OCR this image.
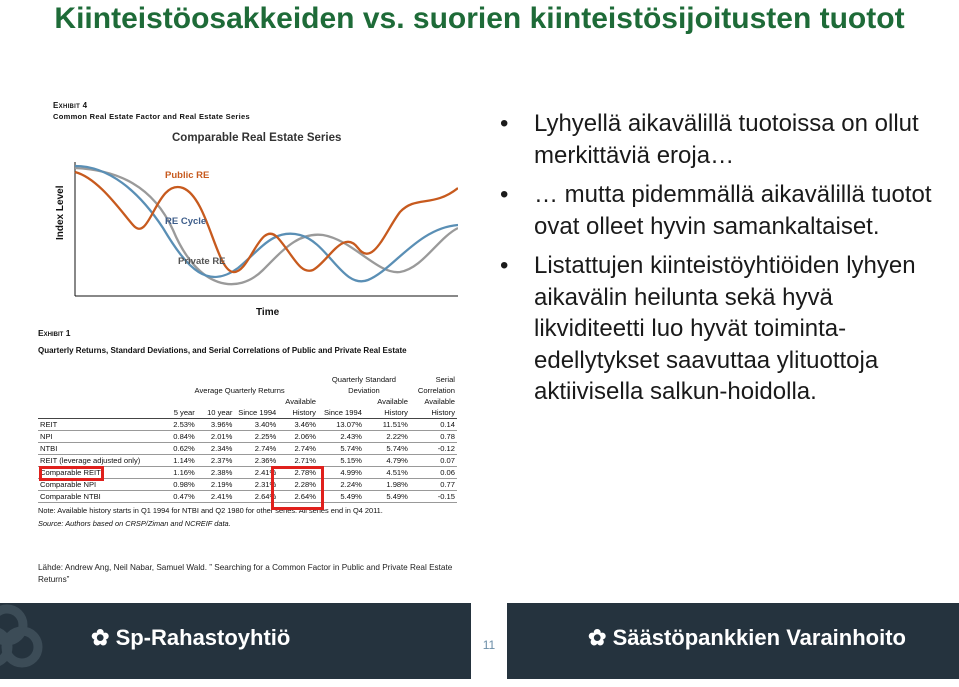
Kiinteistöosakkeiden vs. suorien kiinteistösijoitusten tuotot
Exhibit 4
Common Real Estate Factor and Real Estate Series
Comparable Real Estate Series
Index Level
Time
Public RE
RE Cycle
Private RE
Exhibit 1
Quarterly Returns, Standard Deviations, and Serial Correlations of Public and Private Real Estate
	Average Quarterly Returns				Quarterly Standard Deviation		Serial Correlation
				Available		Available	Available
	5 year	10 year	Since 1994	History	Since 1994	History	History
REIT	2.53%	3.96%	3.40%	3.46%	13.07%	11.51%	0.14
NPI	0.84%	2.01%	2.25%	2.06%	2.43%	2.22%	0.78
NTBI	0.62%	2.34%	2.74%	2.74%	5.74%	5.74%	-0.12
REIT (leverage adjusted only)	1.14%	2.37%	2.36%	2.71%	5.15%	4.79%	0.07
Comparable REIT	1.16%	2.38%	2.41%	2.78%	4.99%	4.51%	0.06
Comparable NPI	0.98%	2.19%	2.31%	2.28%	2.24%	1.98%	0.77
Comparable NTBI	0.47%	2.41%	2.64%	2.64%	5.49%	5.49%	-0.15
Note: Available history starts in Q1 1994 for NTBI and Q2 1980 for other series. All series end in Q4 2011.
Source: Authors based on CRSP/Ziman and NCREIF data.
• Lyhyellä aikavälillä tuotoissa on ollut merkittäviä eroja…
• … mutta pidemmällä aikavälillä tuotot ovat olleet hyvin samankaltaiset.
• Listattujen kiinteistöyhtiöiden lyhyen aikavälin heilunta sekä hyvä likviditeetti luo hyvät toiminta-edellytykset saavuttaa ylituottoja aktiivisella salkun-hoidolla.
Lähde: Andrew Ang, Neil Nabar, Samuel Wald. ” Searching for a Common Factor in Public and Private Real Estate Returns”
✿ Sp-Rahastoyhtiö	11	✿ Säästöpankkien Varainhoito
